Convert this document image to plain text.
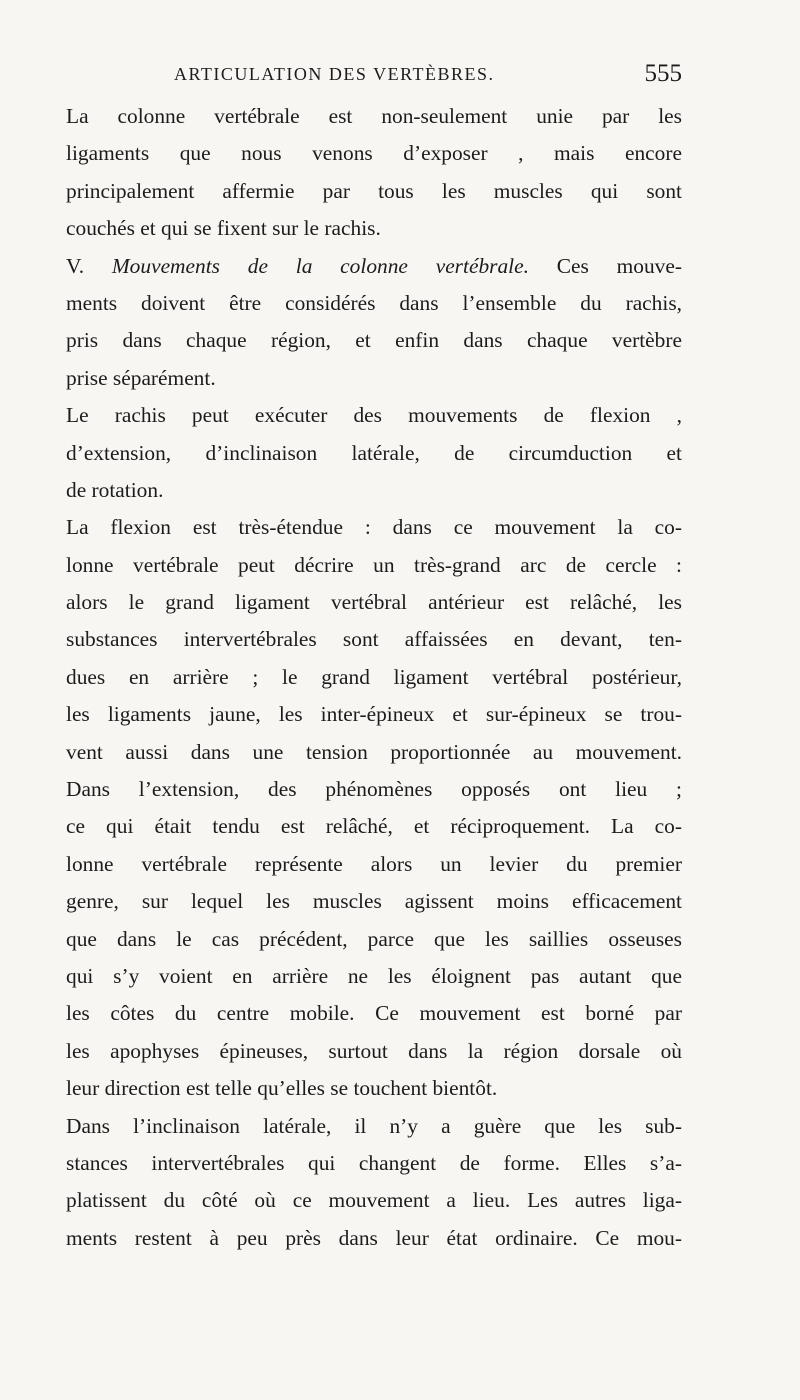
ARTICULATION DES VERTÈBRES.	555
La colonne vertébrale est non-seulement unie par les
ligaments que nous venons d’exposer , mais encore
principalement affermie par tous les muscles qui sont
couchés et qui se fixent sur le rachis.
V. Mouvements de la colonne vertébrale. Ces mouve-
ments doivent être considérés dans l’ensemble du rachis,
pris dans chaque région, et enfin dans chaque vertèbre
prise séparément.
Le rachis peut exécuter des mouvements de flexion ,
d’extension, d’inclinaison latérale, de circumduction et
de rotation.
La flexion est très-étendue : dans ce mouvement la co-
lonne vertébrale peut décrire un très-grand arc de cercle :
alors le grand ligament vertébral antérieur est relâché, les
substances intervertébrales sont affaissées en devant, ten-
dues en arrière ; le grand ligament vertébral postérieur,
les ligaments jaune, les inter-épineux et sur-épineux se trou-
vent aussi dans une tension proportionnée au mouvement.
Dans l’extension, des phénomènes opposés ont lieu ;
ce qui était tendu est relâché, et réciproquement. La co-
lonne vertébrale représente alors un levier du premier
genre, sur lequel les muscles agissent moins efficacement
que dans le cas précédent, parce que les saillies osseuses
qui s’y voient en arrière ne les éloignent pas autant que
les côtes du centre mobile. Ce mouvement est borné par
les apophyses épineuses, surtout dans la région dorsale où
leur direction est telle qu’elles se touchent bientôt.
Dans l’inclinaison latérale, il n’y a guère que les sub-
stances intervertébrales qui changent de forme. Elles s’a-
platissent du côté où ce mouvement a lieu. Les autres liga-
ments restent à peu près dans leur état ordinaire. Ce mou-
